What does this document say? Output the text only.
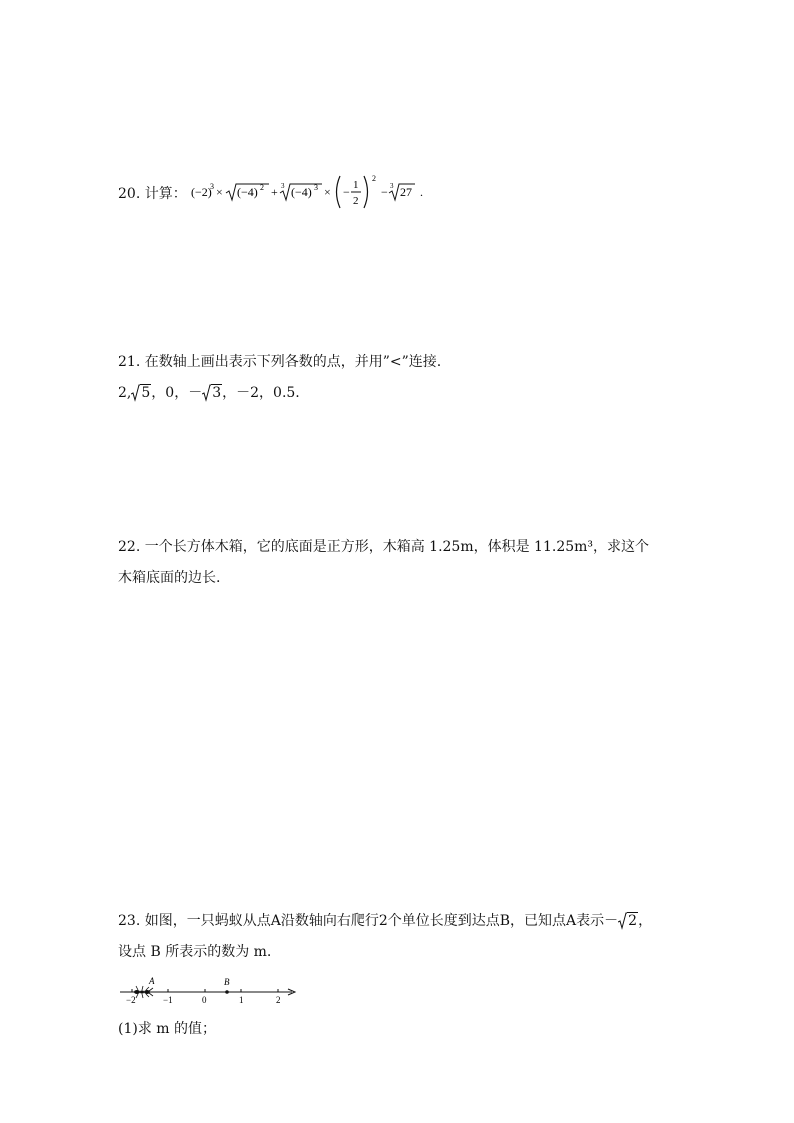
20. 计算： (−2)
3 × (−4) 2 + 3 (−4) 3 × − 1
2
2
− 3 27 .
21. 在数轴上画出表示下列各数的点，并用”<”连接.
2, 5，0，－ 3，－2，0.5.
22. 一个长方体木箱，它的底面是正方形，木箱高 1.25m，体积是 11.25m³，求这个
木箱底面的边长.
23. 如图，一只蚂蚁从点A沿数轴向右爬行2个单位长度到达点B，已知点A表示－ 2，
设点 B 所表示的数为 m.
−2	−1	0	1	2
A	B
(1)求 m 的值；
